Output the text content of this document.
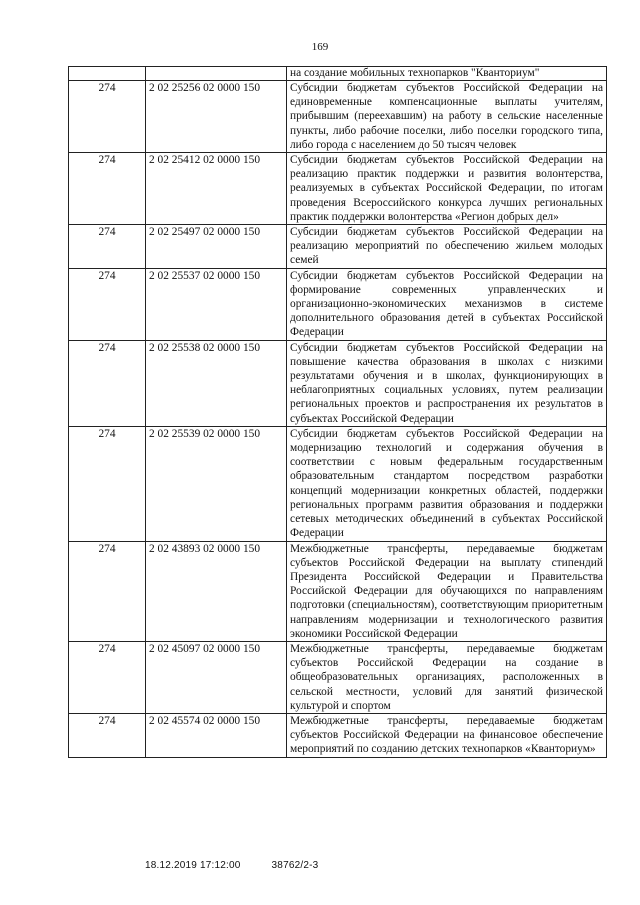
169
		на создание мобильных технопарков "Кванториум"
274	2 02 25256 02 0000 150	Субсидии бюджетам субъектов Российской Федерации на единовременные компенсационные выплаты учителям, прибывшим (переехавшим) на работу в сельские населенные пункты, либо рабочие поселки, либо поселки городского типа, либо города с населением до 50 тысяч человек
274	2 02 25412 02 0000 150	Субсидии бюджетам субъектов Российской Федерации на реализацию практик поддержки и развития волонтерства, реализуемых в субъектах Российской Федерации, по итогам проведения Всероссийского конкурса лучших региональных практик поддержки волонтерства «Регион добрых дел»
274	2 02 25497 02 0000 150	Субсидии бюджетам субъектов Российской Федерации на реализацию мероприятий по обеспечению жильем молодых семей
274	2 02 25537 02 0000 150	Субсидии бюджетам субъектов Российской Федерации на формирование современных управленческих и организационно-экономических механизмов в системе дополнительного образования детей в субъектах Российской Федерации
274	2 02 25538 02 0000 150	Субсидии бюджетам субъектов Российской Федерации на повышение качества образования в школах с низкими результатами обучения и в школах, функционирующих в неблагоприятных социальных условиях, путем реализации региональных проектов и распространения их результатов в субъектах Российской Федерации
274	2 02 25539 02 0000 150	Субсидии бюджетам субъектов Российской Федерации на модернизацию технологий и содержания обучения в соответствии с новым федеральным государственным образовательным стандартом посредством разработки концепций модернизации конкретных областей, поддержки региональных программ развития образования и поддержки сетевых методических объединений в субъектах Российской Федерации
274	2 02 43893 02 0000 150	Межбюджетные трансферты, передаваемые бюджетам субъектов Российской Федерации на выплату стипендий Президента Российской Федерации и Правительства Российской Федерации для обучающихся по направлениям подготовки (специальностям), соответствующим приоритетным направлениям модернизации и технологического развития экономики Российской Федерации
274	2 02 45097 02 0000 150	Межбюджетные трансферты, передаваемые бюджетам субъектов Российской Федерации на создание в общеобразовательных организациях, расположенных в сельской местности, условий для занятий физической культурой и спортом
274	2 02 45574 02 0000 150	Межбюджетные трансферты, передаваемые бюджетам субъектов Российской Федерации на финансовое обеспечение мероприятий по созданию детских технопарков «Кванториум»
18.12.2019 17:12:00	38762/2-3
